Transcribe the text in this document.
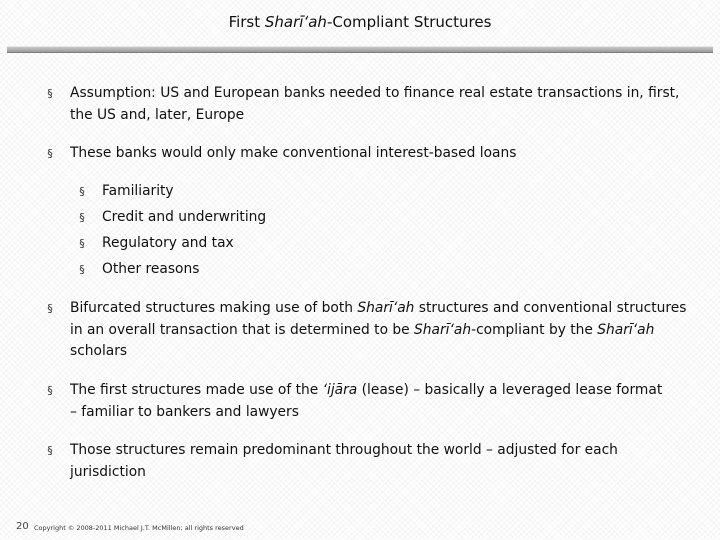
First Sharīʻah-Compliant Structures
§ Assumption: US and European banks needed to finance real estate transactions in, first, the US and, later, Europe
§ These banks would only make conventional interest-based loans
§ Familiarity
§ Credit and underwriting
§ Regulatory and tax
§ Other reasons
§ Bifurcated structures making use of both Sharīʻah structures and conventional structures in an overall transaction that is determined to be Sharīʻah-compliant by the Sharīʻah scholars
§ The first structures made use of the ʻijāra (lease) – basically a leveraged lease format – familiar to bankers and lawyers
§ Those structures remain predominant throughout the world – adjusted for each jurisdiction
20 Copyright © 2008-2011 Michael J.T. McMillen; all rights reserved
